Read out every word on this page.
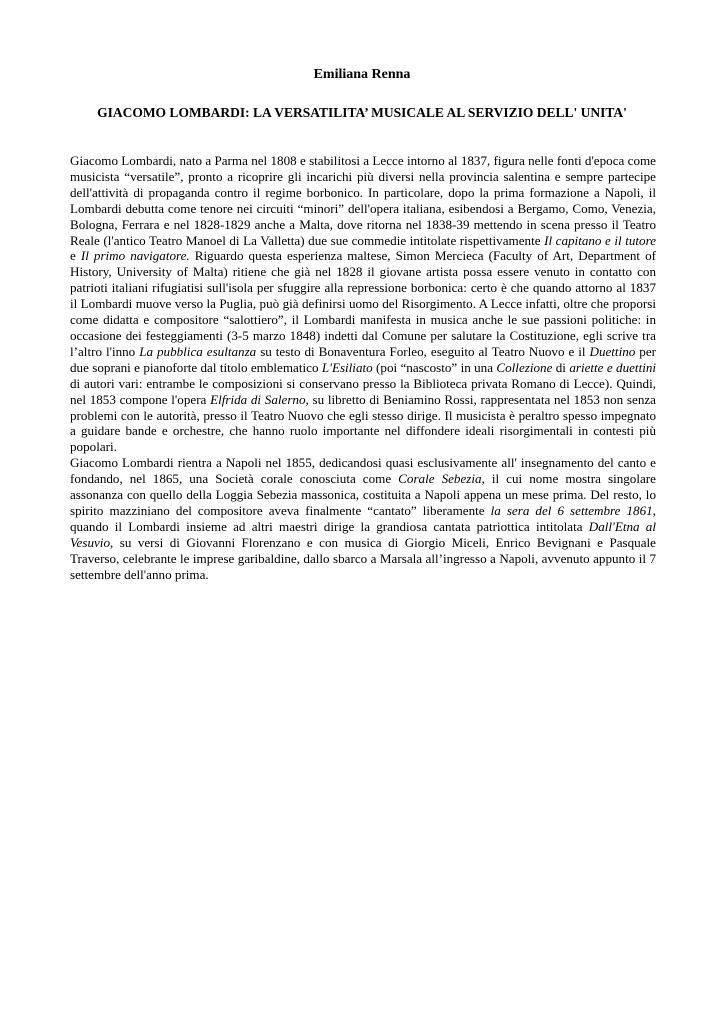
Emiliana Renna
GIACOMO LOMBARDI: LA VERSATILITA’ MUSICALE AL SERVIZIO DELL' UNITA'

Giacomo Lombardi, nato a Parma nel 1808 e stabilitosi a Lecce intorno al 1837, figura nelle fonti d'epoca come musicista “versatile”, pronto a ricoprire gli incarichi più diversi nella provincia salentina e sempre partecipe dell'attività di propaganda contro il regime borbonico. In particolare, dopo la prima formazione a Napoli, il Lombardi debutta come tenore nei circuiti “minori” dell'opera italiana, esibendosi a Bergamo, Como, Venezia, Bologna, Ferrara e nel 1828-1829 anche a Malta, dove ritorna nel 1838-39 mettendo in scena presso il Teatro Reale (l'antico Teatro Manoel di La Valletta) due sue commedie intitolate rispettivamente Il capitano e il tutore e Il primo navigatore. Riguardo questa esperienza maltese, Simon Mercieca (Faculty of Art, Department of History, University of Malta) ritiene che già nel 1828 il giovane artista possa essere venuto in contatto con patrioti italiani rifugiatisi sull'isola per sfuggire alla repressione borbonica: certo è che quando attorno al 1837 il Lombardi muove verso la Puglia, può già definirsi uomo del Risorgimento. A Lecce infatti, oltre che proporsi come didatta e compositore “salottiero”, il Lombardi manifesta in musica anche le sue passioni politiche: in occasione dei festeggiamenti (3-5 marzo 1848) indetti dal Comune per salutare la Costituzione, egli scrive tra l’altro l'inno La pubblica esultanza su testo di Bonaventura Forleo, eseguito al Teatro Nuovo e il Duettino per due soprani e pianoforte dal titolo emblematico L'Esiliato (poi “nascosto” in una Collezione di ariette e duettini di autori vari: entrambe le composizioni si conservano presso la Biblioteca privata Romano di Lecce). Quindi, nel 1853 compone l'opera Elfrida di Salerno, su libretto di Beniamino Rossi, rappresentata nel 1853 non senza problemi con le autorità, presso il Teatro Nuovo che egli stesso dirige. Il musicista è peraltro spesso impegnato a guidare bande e orchestre, che hanno ruolo importante nel diffondere ideali risorgimentali in contesti più popolari.

Giacomo Lombardi rientra a Napoli nel 1855, dedicandosi quasi esclusivamente all' insegnamento del canto e fondando, nel 1865, una Società corale conosciuta come Corale Sebezia, il cui nome mostra singolare assonanza con quello della Loggia Sebezia massonica, costituita a Napoli appena un mese prima. Del resto, lo spirito mazziniano del compositore aveva finalmente “cantato” liberamente la sera del 6 settembre 1861, quando il Lombardi insieme ad altri maestri dirige la grandiosa cantata patriottica intitolata Dall'Etna al Vesuvio, su versi di Giovanni Florenzano e con musica di Giorgio Miceli, Enrico Bevignani e Pasquale Traverso, celebrante le imprese garibaldine, dallo sbarco a Marsala all’ingresso a Napoli, avvenuto appunto il 7 settembre dell'anno prima.
